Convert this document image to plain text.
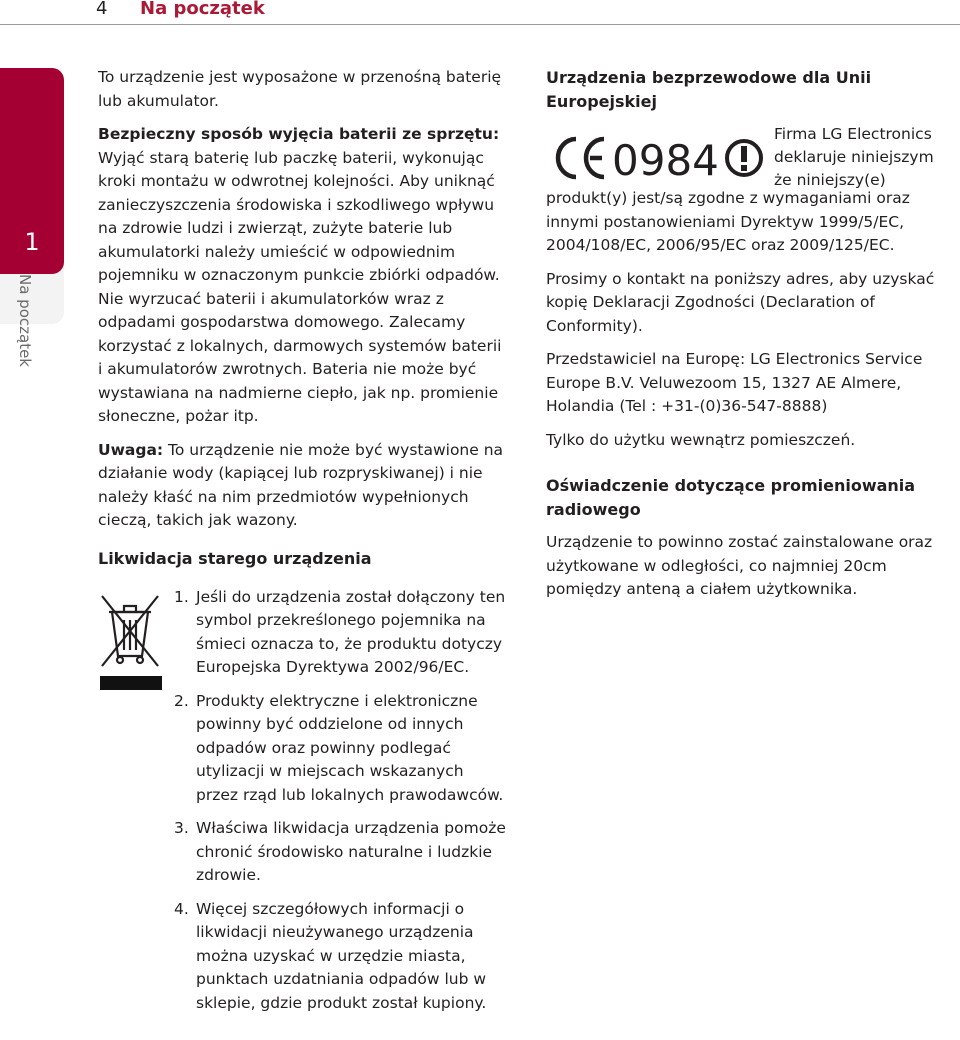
4 Na początek
1
Na początek

To urządzenie jest wyposażone w przenośną baterię lub akumulator.

Bezpieczny sposób wyjęcia baterii ze sprzętu:
Wyjąć starą baterię lub paczkę baterii, wykonując kroki montażu w odwrotnej kolejności. Aby uniknąć zanieczyszczenia środowiska i szkodliwego wpływu na zdrowie ludzi i zwierząt, zużyte baterie lub akumulatorki należy umieścić w odpowiednim pojemniku w oznaczonym punkcie zbiórki odpadów. Nie wyrzucać baterii i akumulatorków wraz z odpadami gospodarstwa domowego. Zalecamy korzystać z lokalnych, darmowych systemów baterii i akumulatorów zwrotnych. Bateria nie może być wystawiana na nadmierne ciepło, jak np. promienie słoneczne, pożar itp.

Uwaga: To urządzenie nie może być wystawione na działanie wody (kapiącej lub rozpryskiwanej) i nie należy kłaść na nim przedmiotów wypełnionych cieczą, takich jak wazony.

Likwidacja starego urządzenia
1. Jeśli do urządzenia został dołączony ten symbol przekreślonego pojemnika na śmieci oznacza to, że produktu dotyczy Europejska Dyrektywa 2002/96/EC.
2. Produkty elektryczne i elektroniczne powinny być oddzielone od innych odpadów oraz powinny podlegać utylizacji w miejscach wskazanych przez rząd lub lokalnych prawodawców.
3. Właściwa likwidacja urządzenia pomoże chronić środowisko naturalne i ludzkie zdrowie.
4. Więcej szczegółowych informacji o likwidacji nieużywanego urządzenia można uzyskać w urzędzie miasta, punktach uzdatniania odpadów lub w sklepie, gdzie produkt został kupiony.
Urządzenia bezprzewodowe dla Unii Europejskiej
0984
Firma LG Electronics deklaruje niniejszym że niniejszy(e)

produkt(y) jest/są zgodne z wymaganiami oraz innymi postanowieniami Dyrektyw 1999/5/EC, 2004/108/EC, 2006/95/EC oraz 2009/125/EC.

Prosimy o kontakt na poniższy adres, aby uzyskać kopię Deklaracji Zgodności (Declaration of Conformity).

Przedstawiciel na Europę: LG Electronics Service Europe B.V. Veluwezoom 15, 1327 AE Almere, Holandia (Tel : +31-(0)36-547-8888)

Tylko do użytku wewnątrz pomieszczeń.

Oświadczenie dotyczące promieniowania radiowego

Urządzenie to powinno zostać zainstalowane oraz użytkowane w odległości, co najmniej 20cm pomiędzy anteną a ciałem użytkownika.
